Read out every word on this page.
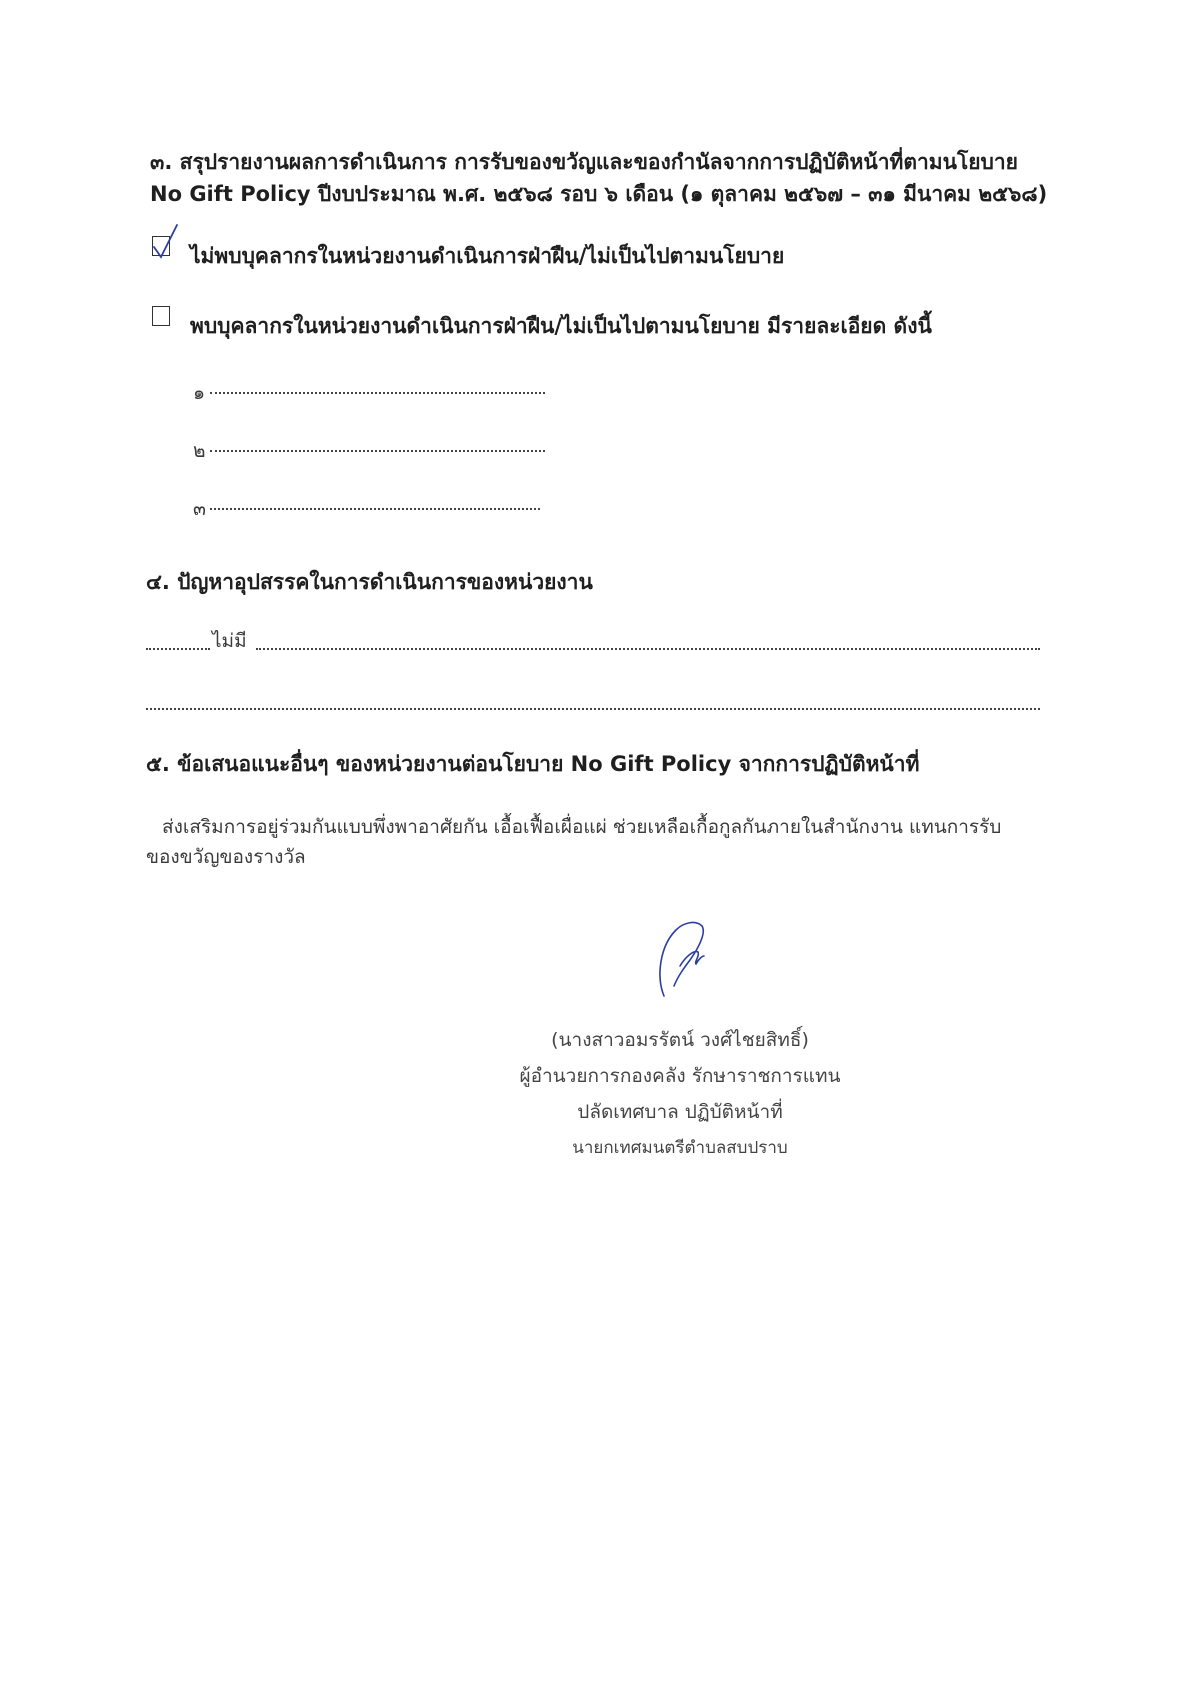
๓. สรุปรายงานผลการดำเนินการ การรับของขวัญและของกำนัลจากการปฏิบัติหน้าที่ตามนโยบาย
No Gift Policy ปีงบประมาณ พ.ศ. ๒๕๖๘ รอบ ๖ เดือน (๑ ตุลาคม ๒๕๖๗ – ๓๑ มีนาคม ๒๕๖๘)
ไม่พบบุคลากรในหน่วยงานดำเนินการฝ่าฝืน/ไม่เป็นไปตามนโยบาย
พบบุคลากรในหน่วยงานดำเนินการฝ่าฝืน/ไม่เป็นไปตามนโยบาย มีรายละเอียด ดังนี้
๑
๒
๓
๔. ปัญหาอุปสรรคในการดำเนินการของหน่วยงาน
ไม่มี
๕. ข้อเสนอแนะอื่นๆ ของหน่วยงานต่อนโยบาย No Gift Policy จากการปฏิบัติหน้าที่
ส่งเสริมการอยู่ร่วมกันแบบพึ่งพาอาศัยกัน เอื้อเฟื้อเผื่อแผ่ ช่วยเหลือเกื้อกูลกันภายในสำนักงาน แทนการรับ
ของขวัญของรางวัล
(นางสาวอมรรัตน์ วงศ์ไชยสิทธิ์)
ผู้อำนวยการกองคลัง รักษาราชการแทน
ปลัดเทศบาล ปฏิบัติหน้าที่
นายกเทศมนตรีตำบลสบปราบ
